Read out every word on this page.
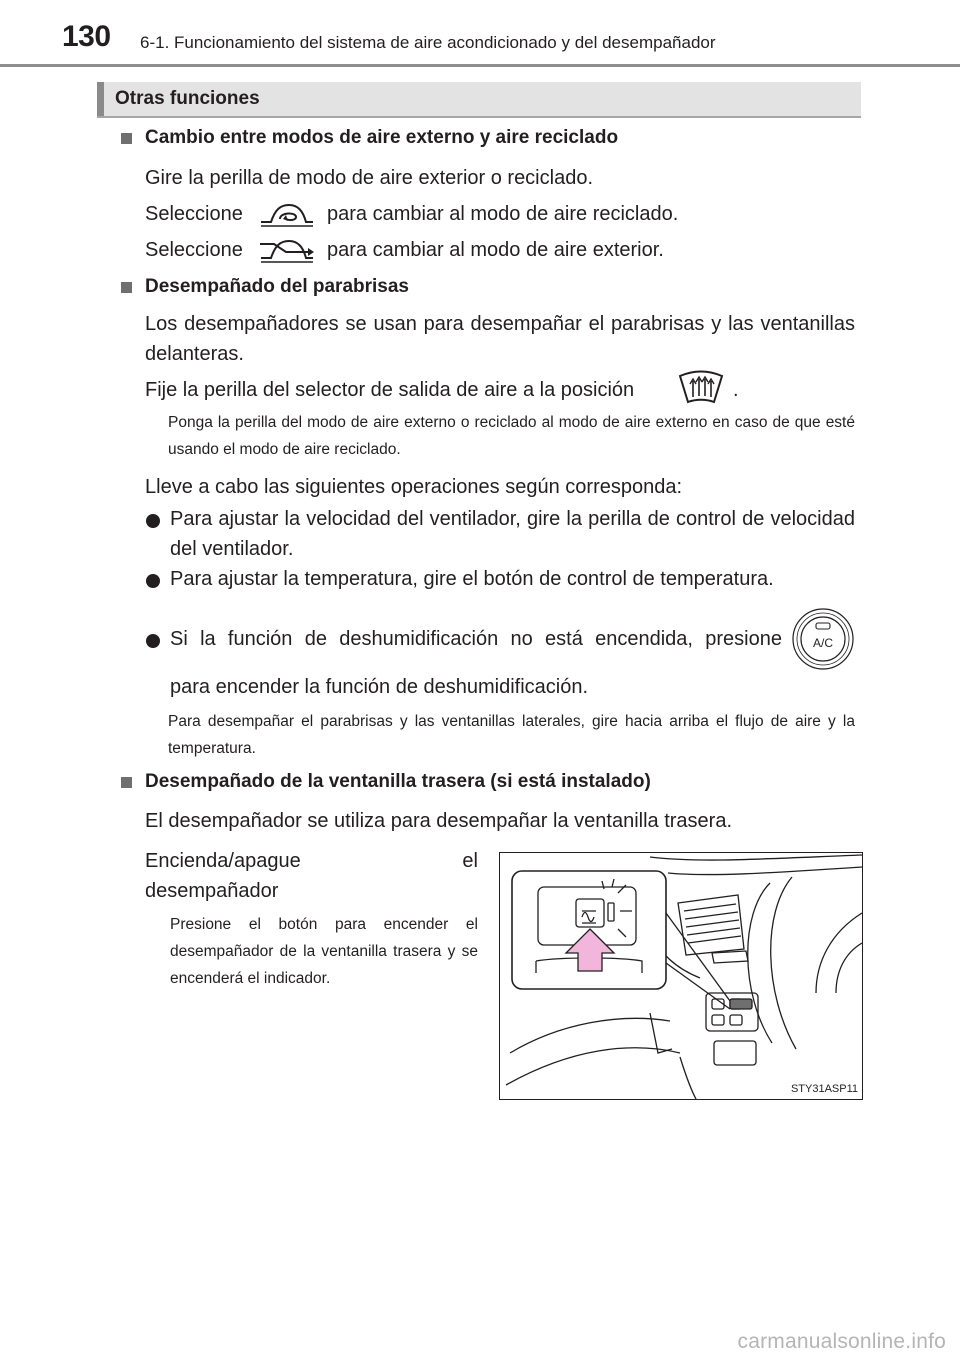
130 6-1. Funcionamiento del sistema de aire acondicionado y del desempañador
Otras funciones
Cambio entre modos de aire externo y aire reciclado
Gire la perilla de modo de aire exterior o reciclado.
Seleccione	para cambiar al modo de aire reciclado.
Seleccione	para cambiar al modo de aire exterior.
Desempañado del parabrisas
Los desempañadores se usan para desempañar el parabrisas y las ventanillas delanteras.
Fije la perilla del selector de salida de aire a la posición	.
Ponga la perilla del modo de aire externo o reciclado al modo de aire externo en caso de que esté usando el modo de aire reciclado.
Lleve a cabo las siguientes operaciones según corresponda:
Para ajustar la velocidad del ventilador, gire la perilla de control de velocidad del ventilador.
Para ajustar la temperatura, gire el botón de control de temperatura.
Si la función de deshumidificación no está encendida, presione	A/C
para encender la función de deshumidificación.
Para desempañar el parabrisas y las ventanillas laterales, gire hacia arriba el flujo de aire y la temperatura.
Desempañado de la ventanilla trasera (si está instalado)
El desempañador se utiliza para desempañar la ventanilla trasera.
Encienda/apague el
desempañador
Presione el botón para encender el desempañador de la ventanilla trasera y se encenderá el indicador.
STY31ASP11
carmanualsonline.info
